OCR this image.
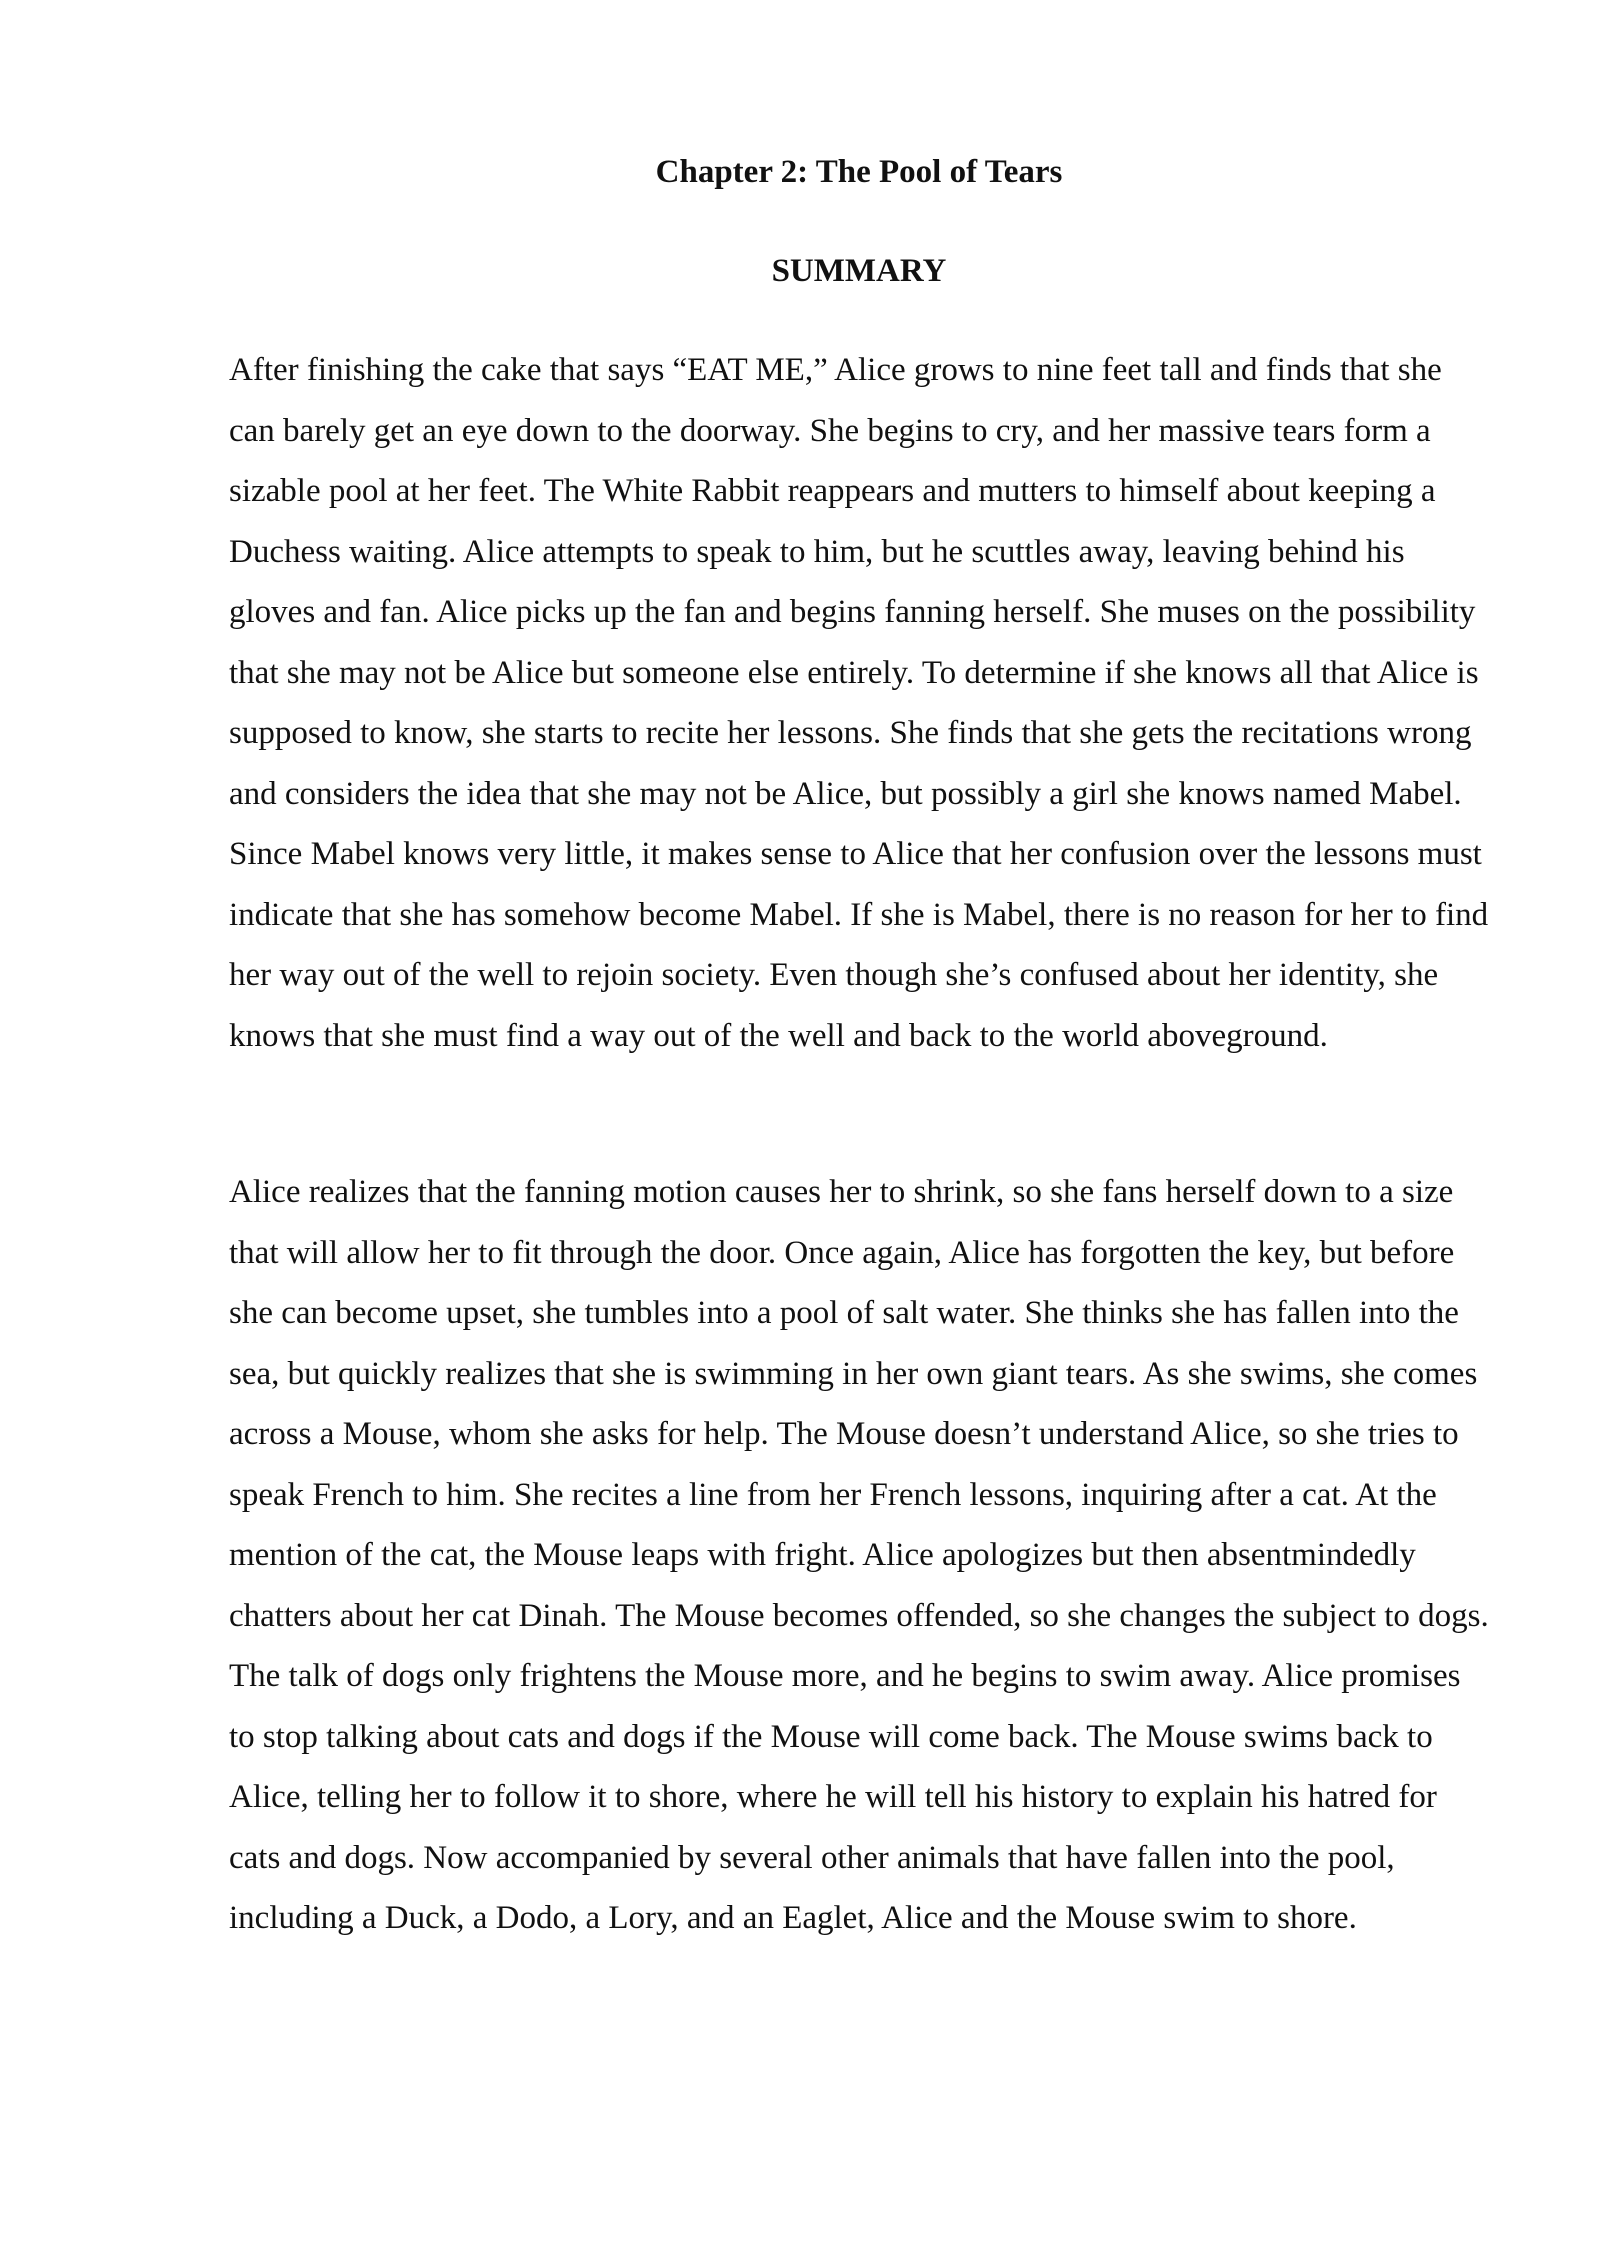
Chapter 2: The Pool of Tears
SUMMARY

After finishing the cake that says “EAT ME,” Alice grows to nine feet tall and finds that she can barely get an eye down to the doorway. She begins to cry, and her massive tears form a sizable pool at her feet. The White Rabbit reappears and mutters to himself about keeping a Duchess waiting. Alice attempts to speak to him, but he scuttles away, leaving behind his gloves and fan. Alice picks up the fan and begins fanning herself. She muses on the possibility that she may not be Alice but someone else entirely. To determine if she knows all that Alice is supposed to know, she starts to recite her lessons. She finds that she gets the recitations wrong and considers the idea that she may not be Alice, but possibly a girl she knows named Mabel. Since Mabel knows very little, it makes sense to Alice that her confusion over the lessons must indicate that she has somehow become Mabel. If she is Mabel, there is no reason for her to find her way out of the well to rejoin society. Even though she’s confused about her identity, she knows that she must find a way out of the well and back to the world aboveground.

Alice realizes that the fanning motion causes her to shrink, so she fans herself down to a size that will allow her to fit through the door. Once again, Alice has forgotten the key, but before she can become upset, she tumbles into a pool of salt water. She thinks she has fallen into the sea, but quickly realizes that she is swimming in her own giant tears. As she swims, she comes across a Mouse, whom she asks for help. The Mouse doesn’t understand Alice, so she tries to speak French to him. She recites a line from her French lessons, inquiring after a cat. At the mention of the cat, the Mouse leaps with fright. Alice apologizes but then absentmindedly chatters about her cat Dinah. The Mouse becomes offended, so she changes the subject to dogs. The talk of dogs only frightens the Mouse more, and he begins to swim away. Alice promises to stop talking about cats and dogs if the Mouse will come back. The Mouse swims back to Alice, telling her to follow it to shore, where he will tell his history to explain his hatred for cats and dogs. Now accompanied by several other animals that have fallen into the pool, including a Duck, a Dodo, a Lory, and an Eaglet, Alice and the Mouse swim to shore.
